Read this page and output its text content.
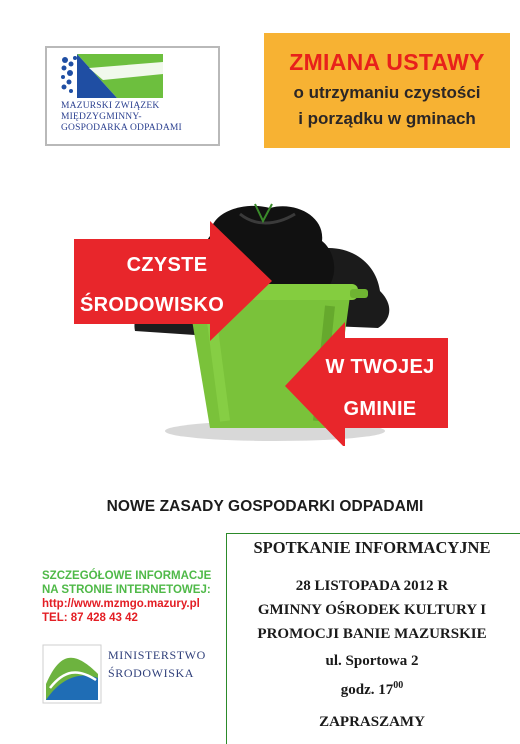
MAZURSKI ZWIĄZEK
MIĘDZYGMINNY-
GOSPODARKA ODPADAMI
ZMIANA USTAWY
o utrzymaniu czystości
i porządku w gminach
CZYSTE
ŚRODOWISKO
W TWOJEJ
GMINIE
NOWE ZASADY GOSPODARKI ODPADAMI
SZCZEGÓŁOWE INFORMACJE
NA STRONIE INTERNETOWEJ:
http://www.mzmgo.mazury.pl
TEL: 87 428 43 42
MINISTERSTWO
ŚRODOWISKA
SPOTKANIE INFORMACYJNE
28 LISTOPADA 2012 R
GMINNY OŚRODEK KULTURY I
PROMOCJI BANIE MAZURSKIE
ul. Sportowa 2
godz. $17^{00}$
ZAPRASZAMY
